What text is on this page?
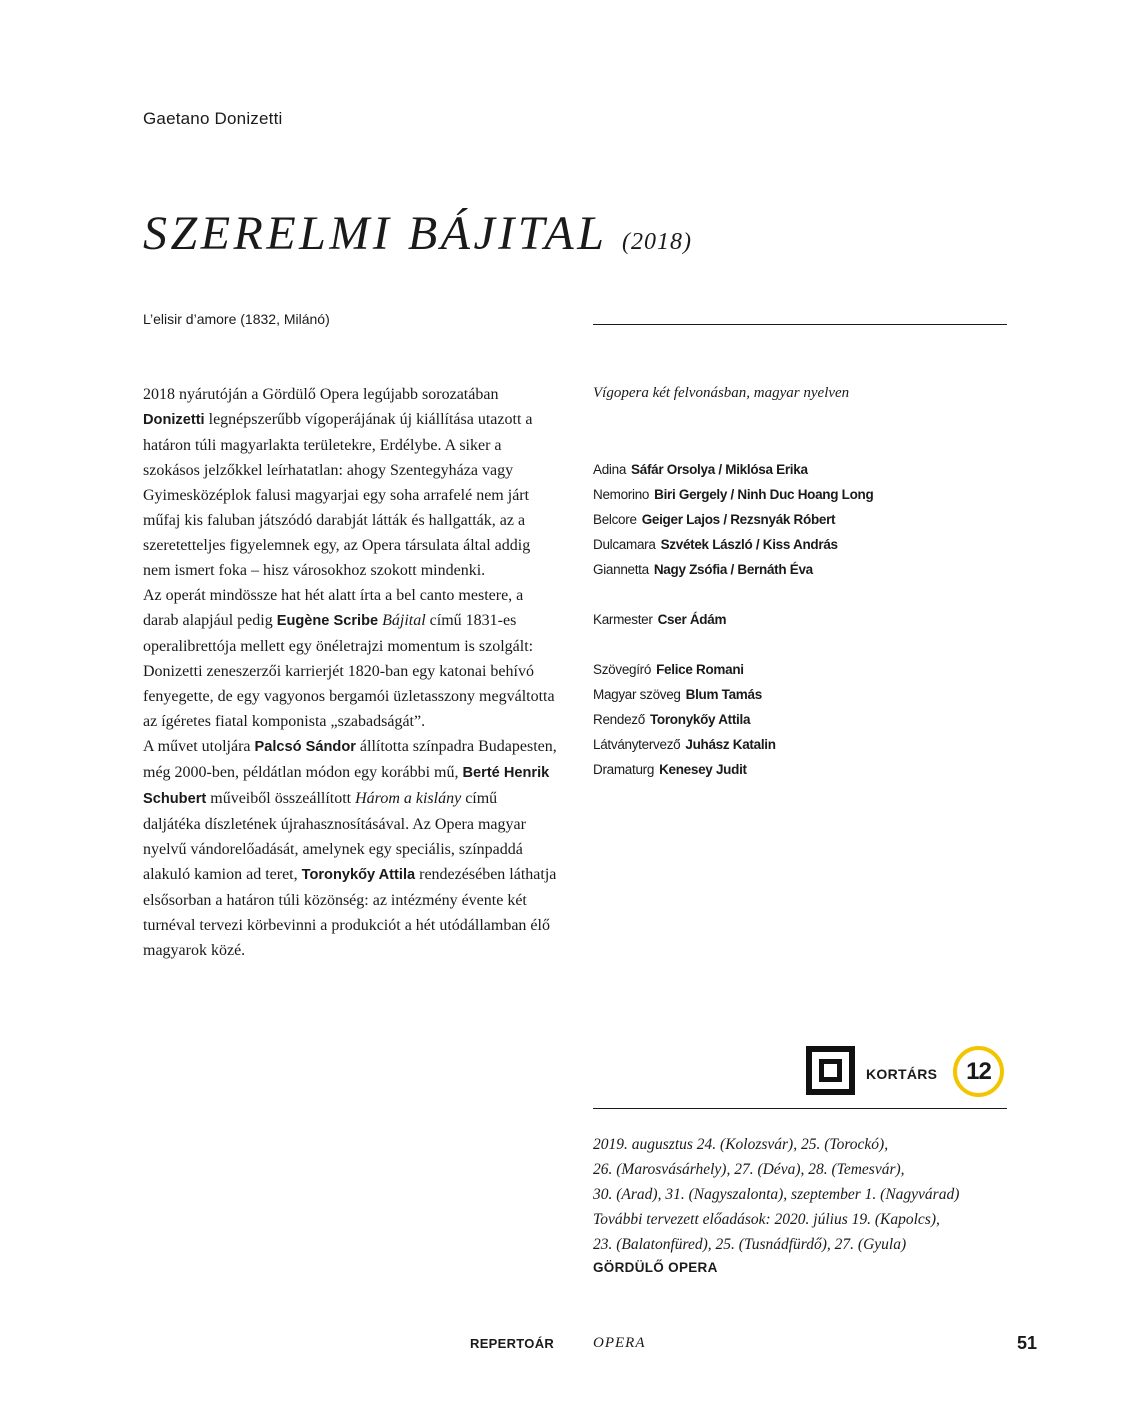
Gaetano Donizetti
SZERELMI BÁJITAL (2018)
L’elisir d’amore (1832, Milánó)

2018 nyárutóján a Gördülő Opera legújabb sorozatában Donizetti legnépszerűbb vígoperájának új kiállítása utazott a határon túli magyarlakta területekre, Erdélybe. A siker a szokásos jelzőkkel leírhatatlan: ahogy Szentegyháza vagy Gyimesközéplok falusi magyarjai egy soha arrafelé nem járt műfaj kis faluban játszódó darabját látták és hallgatták, az a szeretetteljes figyelemnek egy, az Opera társulata által addig nem ismert foka – hisz városokhoz szokott mindenki.

Az operát mindössze hat hét alatt írta a bel canto mestere, a darab alapjául pedig Eugène Scribe Bájital című 1831-es operalibrettója mellett egy önéletrajzi momentum is szolgált: Donizetti zeneszerzői karrierjét 1820-ban egy katonai behívó fenyegette, de egy vagyonos bergamói üzletasszony megváltotta az ígéretes fiatal komponista „szabadságát”.

A művet utoljára Palcsó Sándor állította színpadra Budapesten, még 2000-ben, példátlan módon egy korábbi mű, Berté Henrik Schubert műveiből összeállított Három a kislány című daljátéka díszletének újrahasznosításával. Az Opera magyar nyelvű vándorelőadását, amelynek egy speciális, színpaddá alakuló kamion ad teret, Toronykőy Attila rendezésében láthatja elsősorban a határon túli közönség: az intézmény évente két turnéval tervezi körbevinni a produkciót a hét utódállamban élő magyarok közé.

Vígopera két felvonásban, magyar nyelven
Adina Sáfár Orsolya / Miklósa Erika
Nemorino Biri Gergely / Ninh Duc Hoang Long
Belcore Geiger Lajos / Rezsnyák Róbert
Dulcamara Szvétek László / Kiss András
Giannetta Nagy Zsófia / Bernáth Éva
Karmester Cser Ádám
Szövegíró Felice Romani
Magyar szöveg Blum Tamás
Rendező Toronykőy Attila
Látványtervező Juhász Katalin
Dramaturg Kenesey Judit
KORTÁRS	12
2019. augusztus 24. (Kolozsvár), 25. (Torockó),
26. (Marosvásárhely), 27. (Déva), 28. (Temesvár),
30. (Arad), 31. (Nagyszalonta), szeptember 1. (Nagyvárad)
További tervezett előadások: 2020. július 19. (Kapolcs),
23. (Balatonfüred), 25. (Tusnádfürdő), 27. (Gyula)
GÖRDÜLŐ OPERA
REPERTOÁR	OPERA	51
